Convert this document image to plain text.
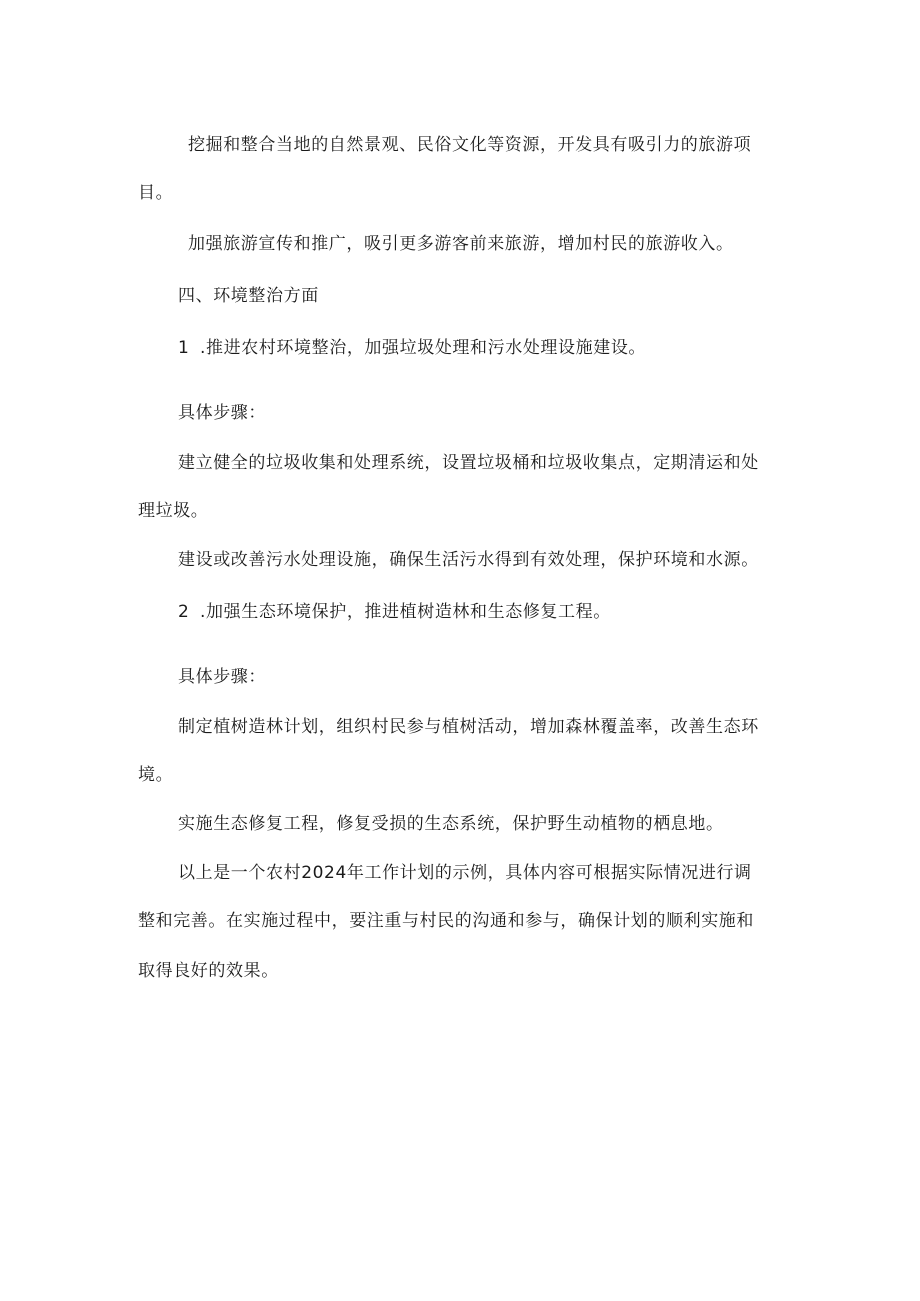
挖掘和整合当地的自然景观、民俗文化等资源，开发具有吸引力的旅游项
目。
加强旅游宣传和推广，吸引更多游客前来旅游，增加村民的旅游收入。
四、环境整治方面
1 .推进农村环境整治，加强垃圾处理和污水处理设施建设。
具体步骤：
建立健全的垃圾收集和处理系统，设置垃圾桶和垃圾收集点，定期清运和处
理垃圾。
建设或改善污水处理设施，确保生活污水得到有效处理，保护环境和水源。
2 .加强生态环境保护，推进植树造林和生态修复工程。
具体步骤：
制定植树造林计划，组织村民参与植树活动，增加森林覆盖率，改善生态环
境。
实施生态修复工程，修复受损的生态系统，保护野生动植物的栖息地。
以上是一个农村2024年工作计划的示例，具体内容可根据实际情况进行调
整和完善。在实施过程中，要注重与村民的沟通和参与，确保计划的顺利实施和
取得良好的效果。
